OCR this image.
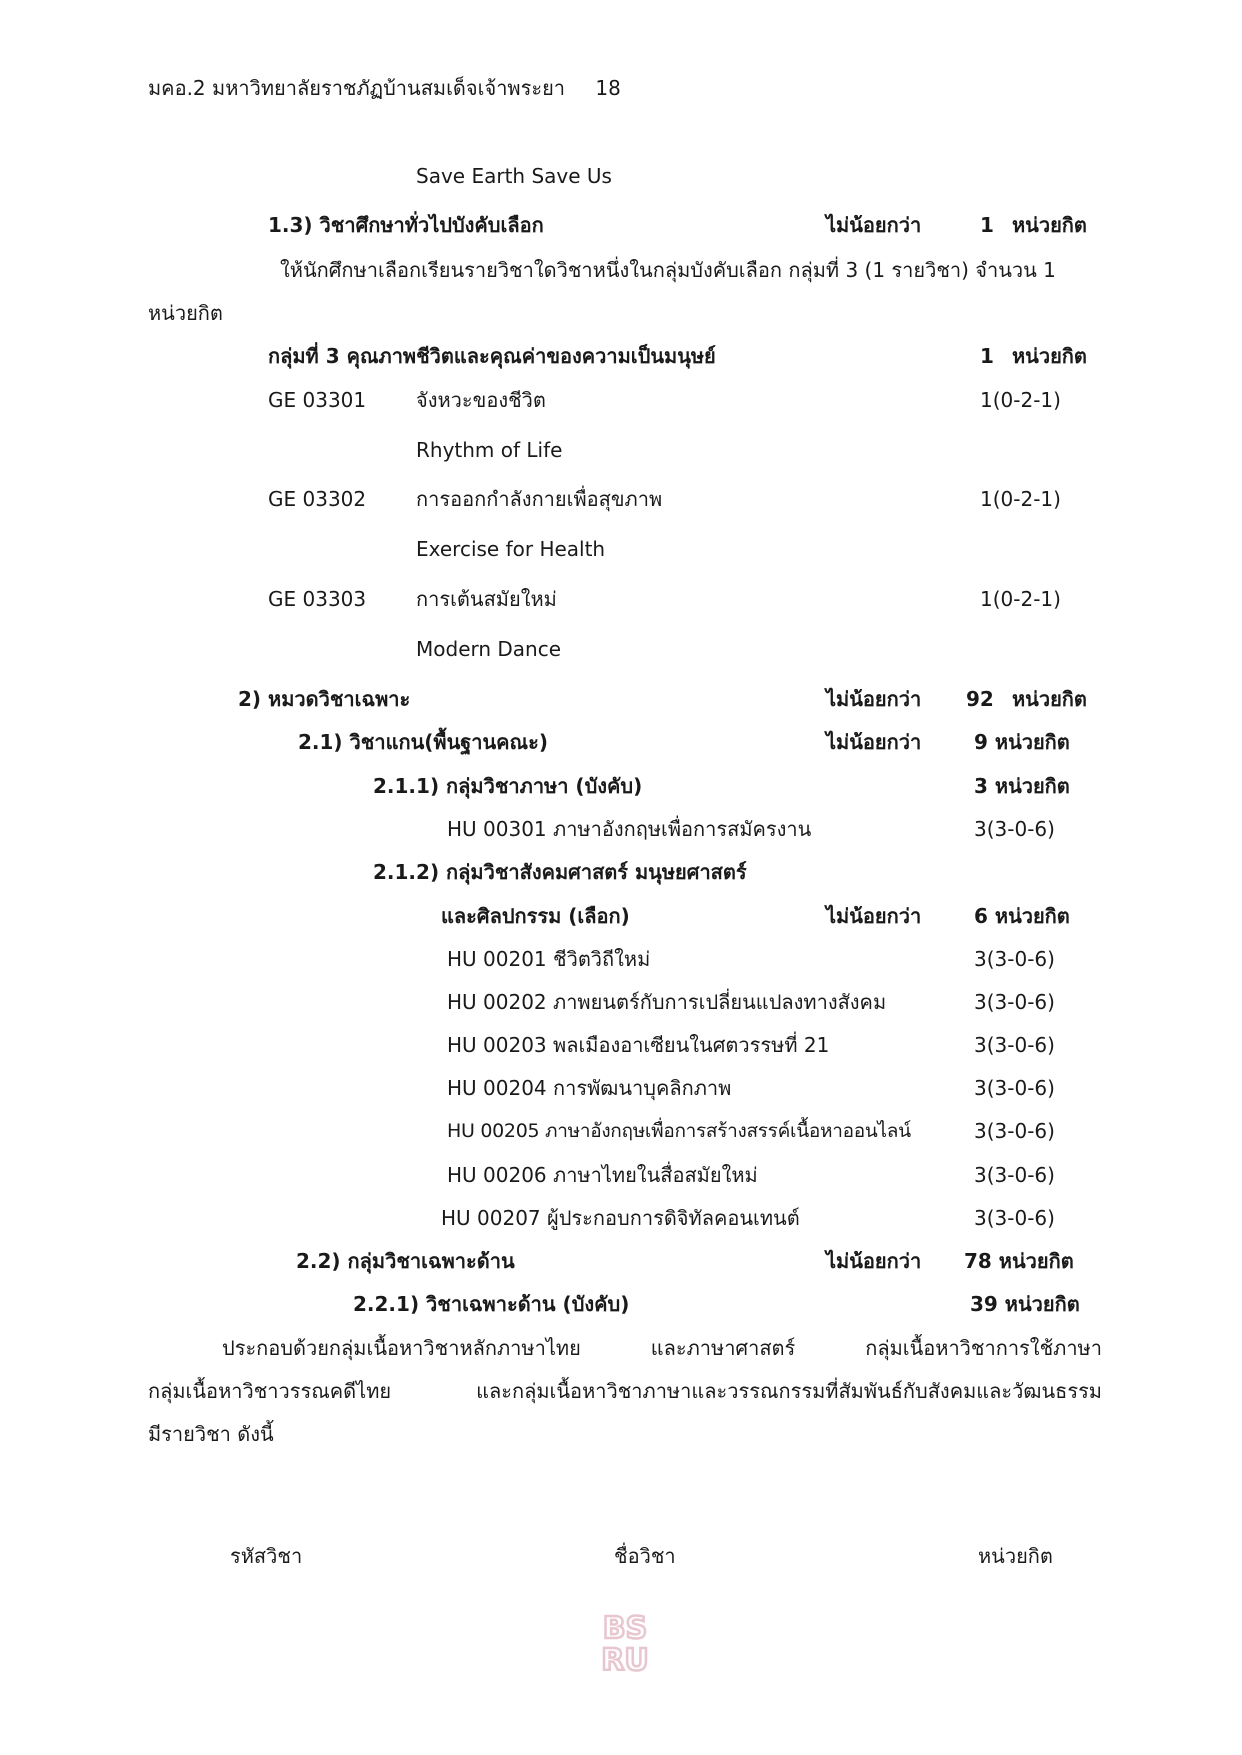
มคอ.2 มหาวิทยาลัยราชภัฏบ้านสมเด็จเจ้าพระยา 18
Save Earth Save Us
1.3) วิชาศึกษาทั่วไปบังคับเลือก	ไม่น้อยกว่า	1 หน่วยกิต
ให้นักศึกษาเลือกเรียนรายวิชาใดวิชาหนึ่งในกลุ่มบังคับเลือก กลุ่มที่ 3 (1 รายวิชา) จำนวน 1
หน่วยกิต
กลุ่มที่ 3 คุณภาพชีวิตและคุณค่าของความเป็นมนุษย์	1 หน่วยกิต
GE 03301 จังหวะของชีวิต	1(0-2-1)
Rhythm of Life
GE 03302 การออกกำลังกายเพื่อสุขภาพ	1(0-2-1)
Exercise for Health
GE 03303 การเต้นสมัยใหม่	1(0-2-1)
Modern Dance
2) หมวดวิชาเฉพาะ	ไม่น้อยกว่า 92 หน่วยกิต
2.1) วิชาแกน(พื้นฐานคณะ)	ไม่น้อยกว่า	9 หน่วยกิต
2.1.1) กลุ่มวิชาภาษา (บังคับ)	3 หน่วยกิต
HU 00301 ภาษาอังกฤษเพื่อการสมัครงาน	3(3-0-6)
2.1.2) กลุ่มวิชาสังคมศาสตร์ มนุษยศาสตร์
และศิลปกรรม (เลือก)	ไม่น้อยกว่า	6 หน่วยกิต
HU 00201 ชีวิตวิถีใหม่	3(3-0-6)
HU 00202 ภาพยนตร์กับการเปลี่ยนแปลงทางสังคม	3(3-0-6)
HU 00203 พลเมืองอาเซียนในศตวรรษที่ 21	3(3-0-6)
HU 00204 การพัฒนาบุคลิกภาพ	3(3-0-6)
HU 00205 ภาษาอังกฤษเพื่อการสร้างสรรค์เนื้อหาออนไลน์	3(3-0-6)
HU 00206 ภาษาไทยในสื่อสมัยใหม่	3(3-0-6)
HU 00207 ผู้ประกอบการดิจิทัลคอนเทนต์	3(3-0-6)
2.2) กลุ่มวิชาเฉพาะด้าน	ไม่น้อยกว่า 78 หน่วยกิต
2.2.1) วิชาเฉพาะด้าน (บังคับ)	39 หน่วยกิต
ประกอบด้วยกลุ่มเนื้อหาวิชาหลักภาษาไทย	และภาษาศาสตร์	กลุ่มเนื้อหาวิชาการใช้ภาษา
กลุ่มเนื้อหาวิชาวรรณคดีไทย	และกลุ่มเนื้อหาวิชาภาษาและวรรณกรรมที่สัมพันธ์กับสังคมและวัฒนธรรม
มีรายวิชา ดังนี้
รหัสวิชา	ชื่อวิชา	หน่วยกิต
BS
RU
